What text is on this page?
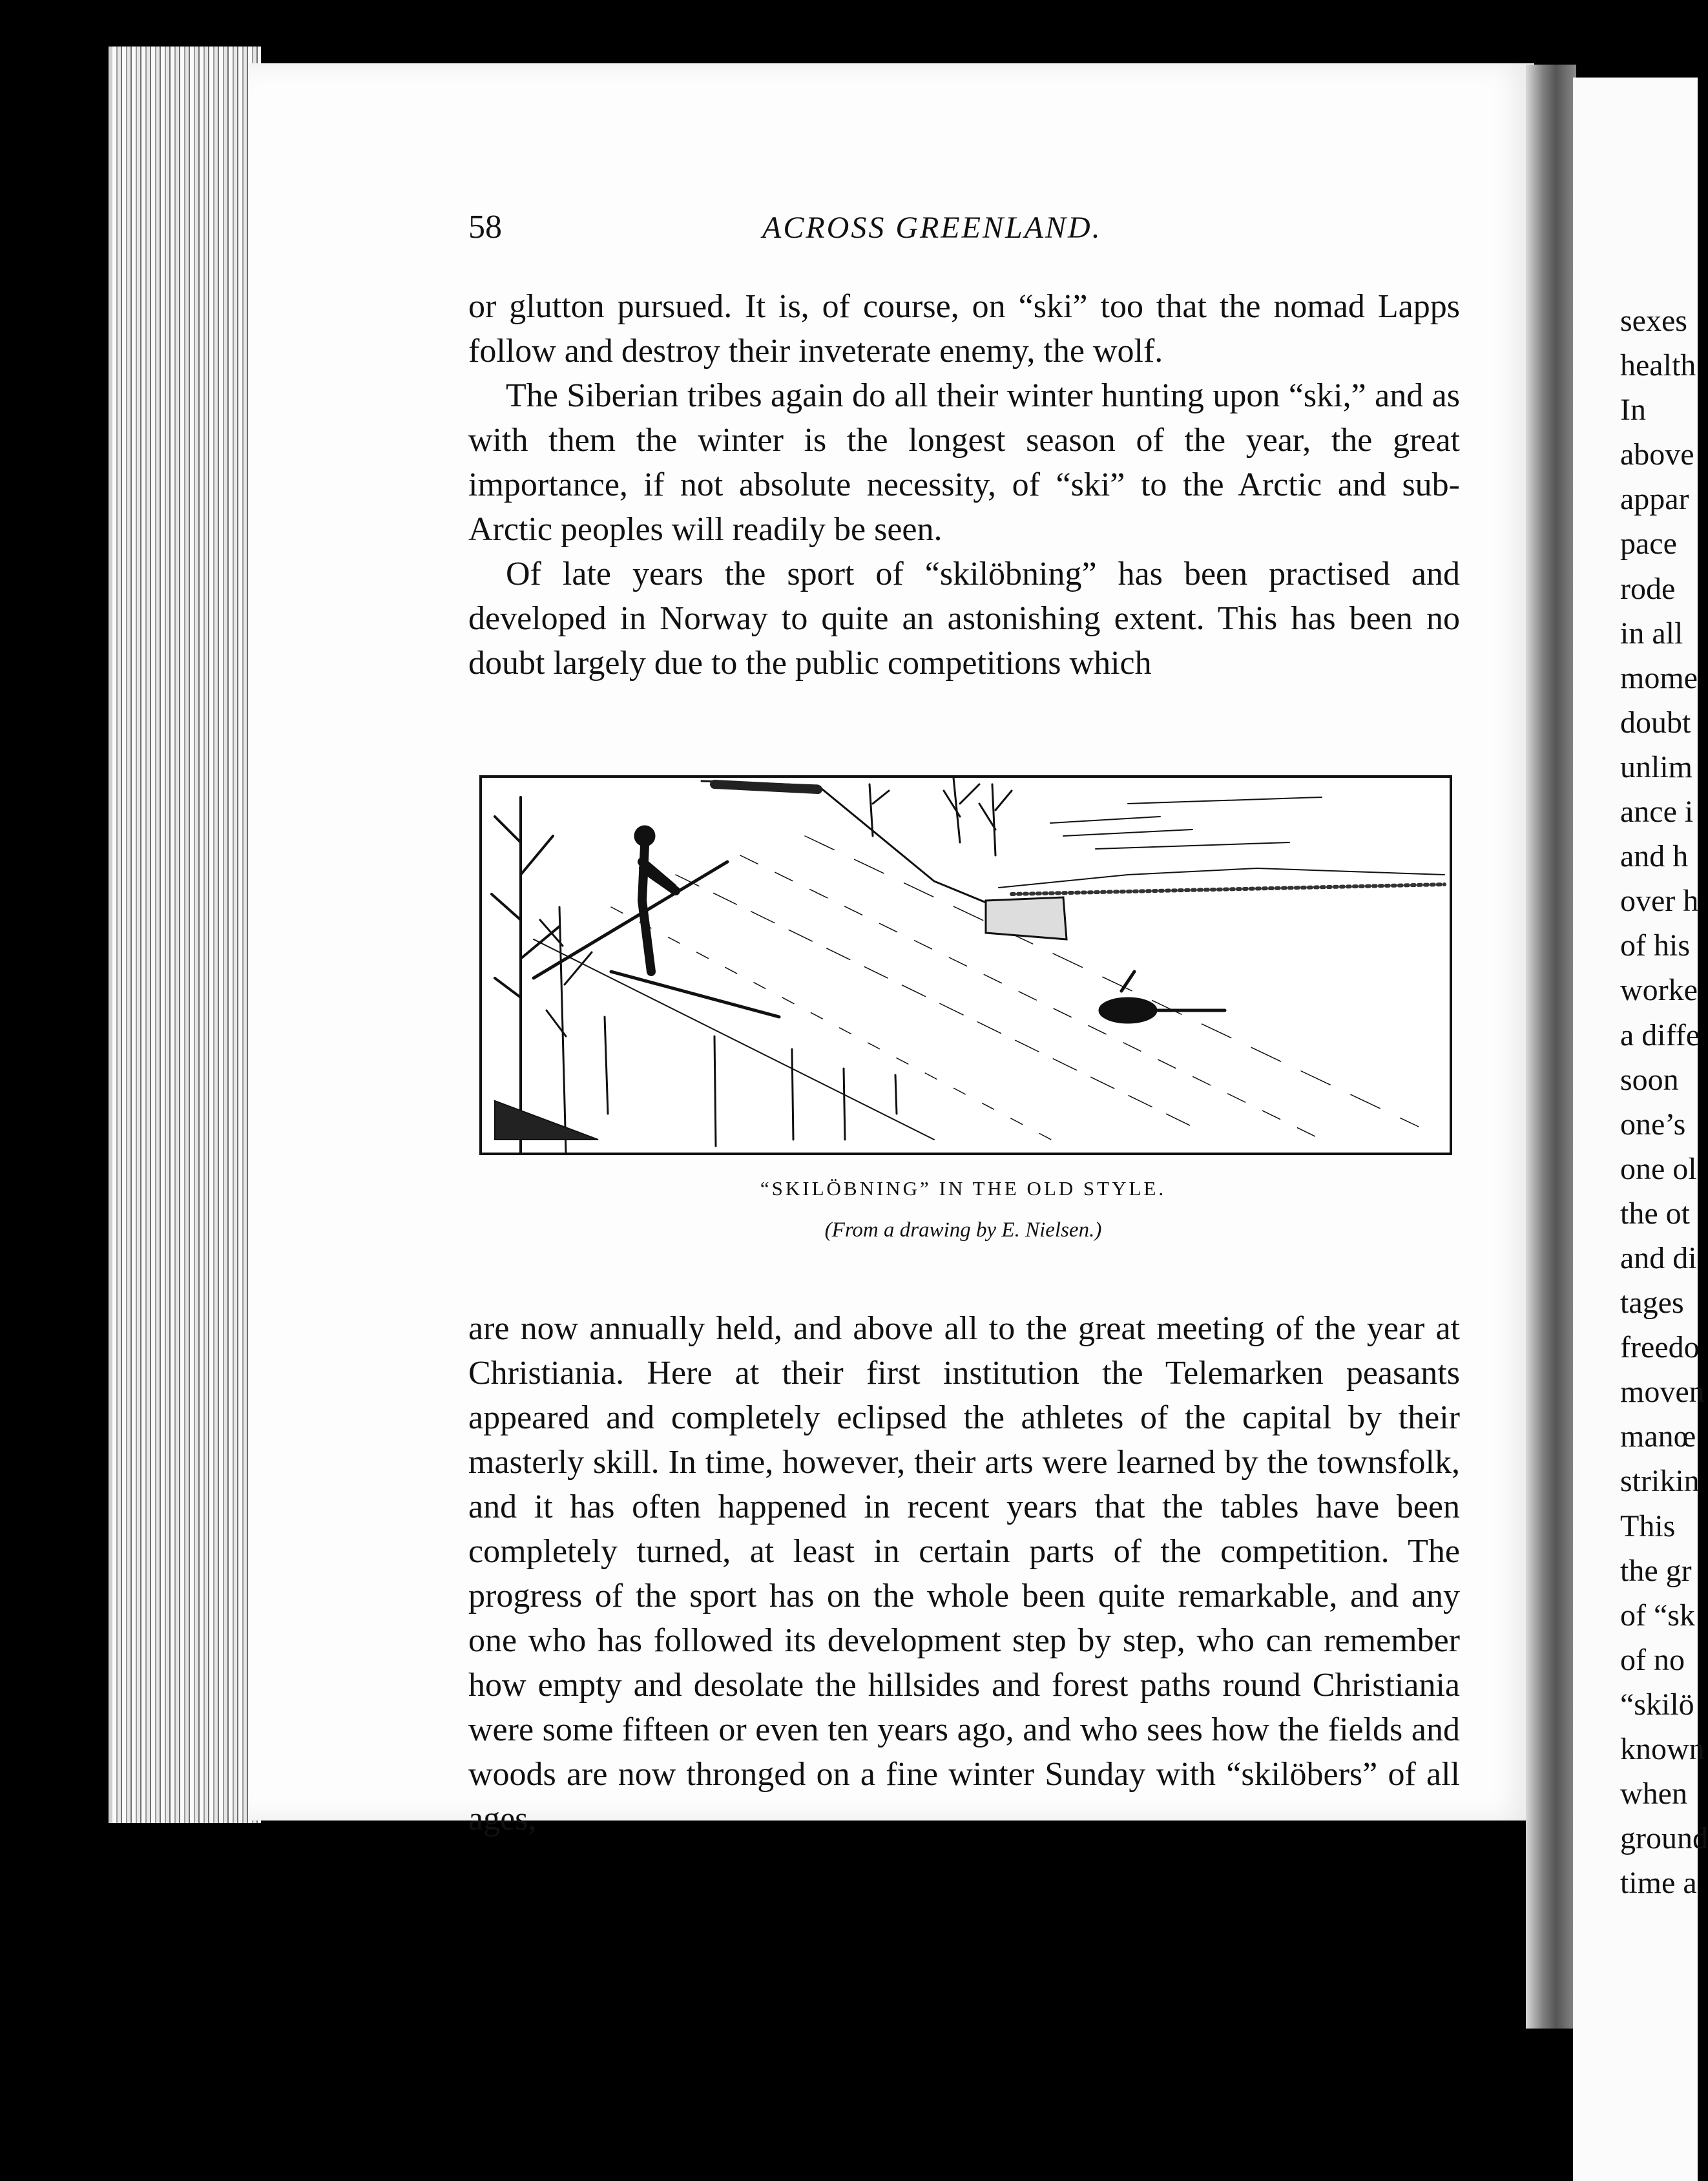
58	ACROSS GREENLAND.

or glutton pursued. It is, of course, on “ski” too that the nomad Lapps follow and destroy their inveterate enemy, the wolf.

The Siberian tribes again do all their winter hunting upon “ski,” and as with them the winter is the longest season of the year, the great importance, if not absolute necessity, of “ski” to the Arctic and sub-Arctic peoples will readily be seen.

Of late years the sport of “skilöbning” has been practised and developed in Norway to quite an astonishing extent. This has been no doubt largely due to the public competitions which

“SKILÖBNING” IN THE OLD STYLE.
(From a drawing by E. Nielsen.)

are now annually held, and above all to the great meeting of the year at Christiania. Here at their first institution the Telemarken peasants appeared and completely eclipsed the athletes of the capital by their masterly skill. In time, however, their arts were learned by the townsfolk, and it has often happened in recent years that the tables have been completely turned, at least in certain parts of the competition. The progress of the sport has on the whole been quite remarkable, and any one who has followed its development step by step, who can remember how empty and desolate the hillsides and forest paths round Christiania were some fifteen or even ten years ago, and who sees how the fields and woods are now thronged on a fine winter Sunday with “skilöbers” of all ages,

sexes
health
In
above
appar
pace
rode
in all
mome
doubt
unlim
ance i
and h
over h
of his
worke
a diffe
soon
one’s
one ol
the ot
and di
tages
freedo
moven
manœ
strikin
This
the gr
of “sk
of no
“skilö
known
when
ground
time a
